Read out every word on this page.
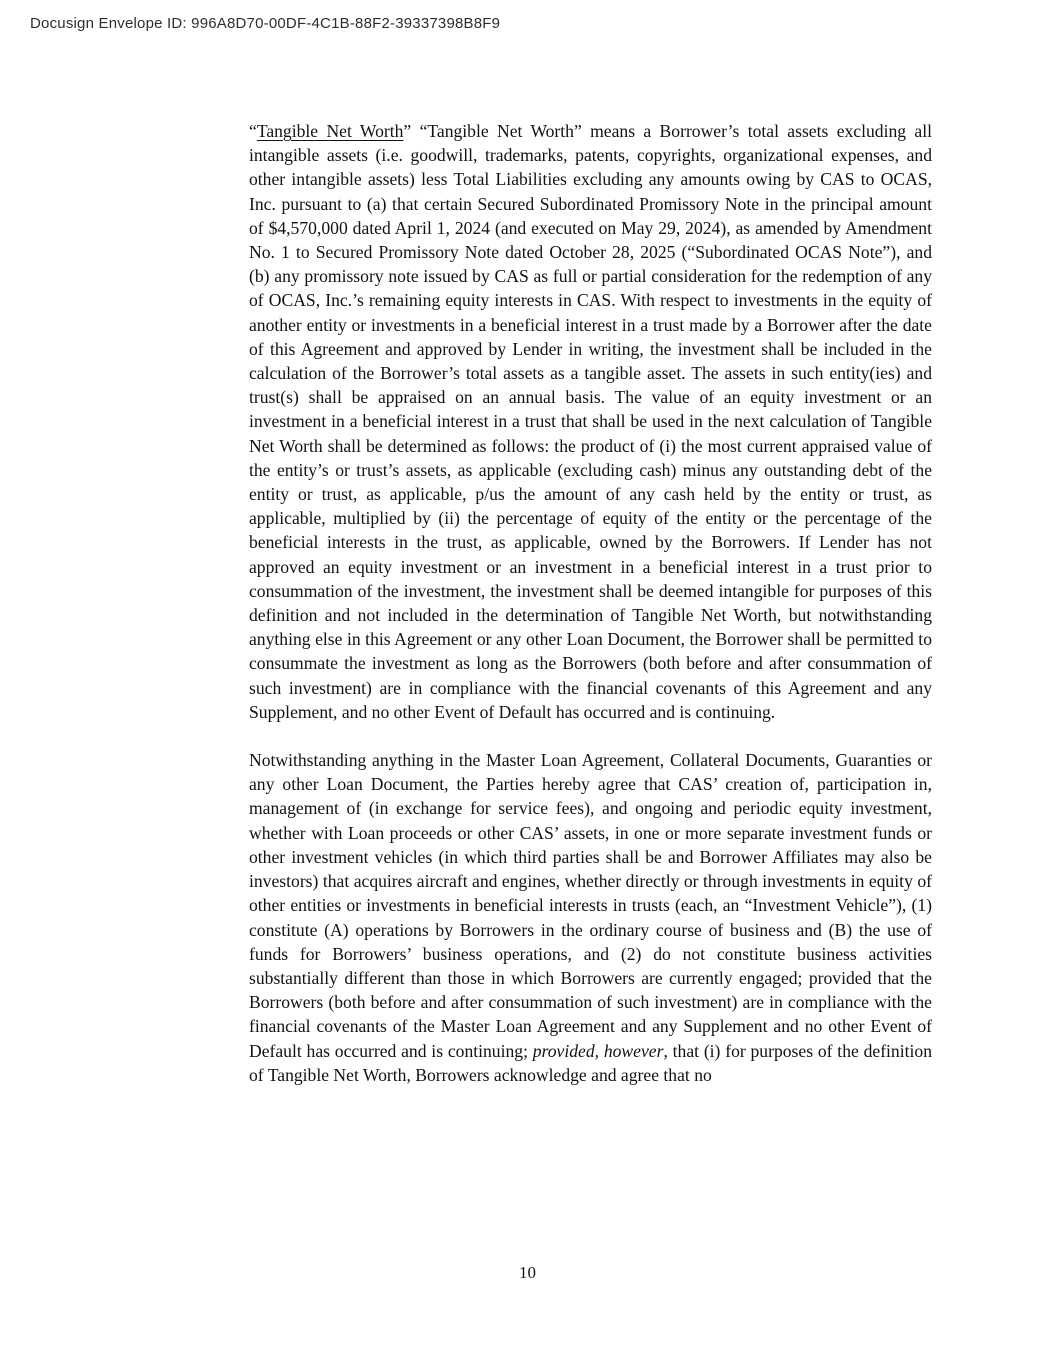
Docusign Envelope ID: 996A8D70-00DF-4C1B-88F2-39337398B8F9

“Tangible Net Worth” “Tangible Net Worth” means a Borrower’s total assets excluding all intangible assets (i.e. goodwill, trademarks, patents, copyrights, organizational expenses, and other intangible assets) less Total Liabilities excluding any amounts owing by CAS to OCAS, Inc. pursuant to (a) that certain Secured Subordinated Promissory Note in the principal amount of $4,570,000 dated April 1, 2024 (and executed on May 29, 2024), as amended by Amendment No. 1 to Secured Promissory Note dated October 28, 2025 (“Subordinated OCAS Note”), and (b) any promissory note issued by CAS as full or partial consideration for the redemption of any of OCAS, Inc.’s remaining equity interests in CAS. With respect to investments in the equity of another entity or investments in a beneficial interest in a trust made by a Borrower after the date of this Agreement and approved by Lender in writing, the investment shall be included in the calculation of the Borrower’s total assets as a tangible asset. The assets in such entity(ies) and trust(s) shall be appraised on an annual basis. The value of an equity investment or an investment in a beneficial interest in a trust that shall be used in the next calculation of Tangible Net Worth shall be determined as follows: the product of (i) the most current appraised value of the entity’s or trust’s assets, as applicable (excluding cash) minus any outstanding debt of the entity or trust, as applicable, p/us the amount of any cash held by the entity or trust, as applicable, multiplied by (ii) the percentage of equity of the entity or the percentage of the beneficial interests in the trust, as applicable, owned by the Borrowers. If Lender has not approved an equity investment or an investment in a beneficial interest in a trust prior to consummation of the investment, the investment shall be deemed intangible for purposes of this definition and not included in the determination of Tangible Net Worth, but notwithstanding anything else in this Agreement or any other Loan Document, the Borrower shall be permitted to consummate the investment as long as the Borrowers (both before and after consummation of such investment) are in compliance with the financial covenants of this Agreement and any Supplement, and no other Event of Default has occurred and is continuing.

Notwithstanding anything in the Master Loan Agreement, Collateral Documents, Guaranties or any other Loan Document, the Parties hereby agree that CAS’ creation of, participation in, management of (in exchange for service fees), and ongoing and periodic equity investment, whether with Loan proceeds or other CAS’ assets, in one or more separate investment funds or other investment vehicles (in which third parties shall be and Borrower Affiliates may also be investors) that acquires aircraft and engines, whether directly or through investments in equity of other entities or investments in beneficial interests in trusts (each, an “Investment Vehicle”), (1) constitute (A) operations by Borrowers in the ordinary course of business and (B) the use of funds for Borrowers’ business operations, and (2) do not constitute business activities substantially different than those in which Borrowers are currently engaged; provided that the Borrowers (both before and after consummation of such investment) are in compliance with the financial covenants of the Master Loan Agreement and any Supplement and no other Event of Default has occurred and is continuing; provided, however, that (i) for purposes of the definition of Tangible Net Worth, Borrowers acknowledge and agree that no

10
